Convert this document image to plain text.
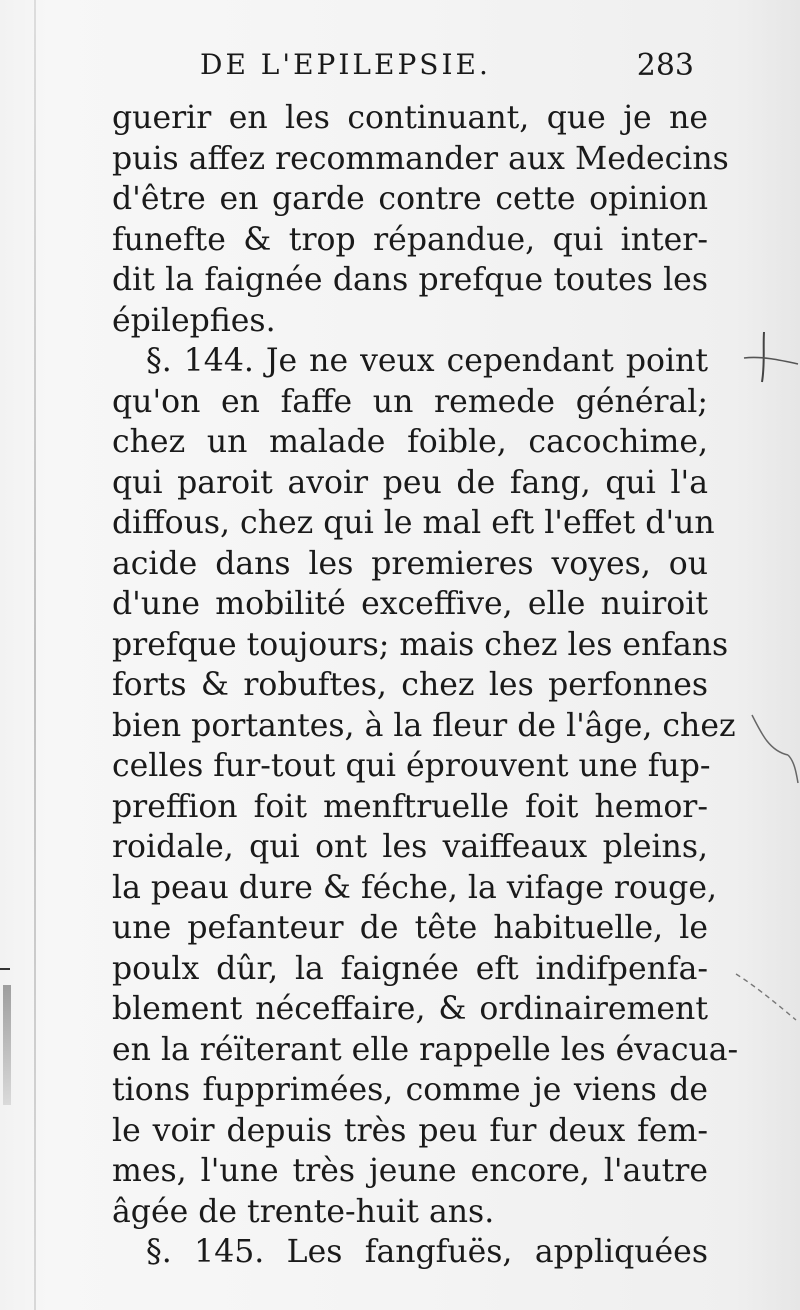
DE L'EPILEPSIE.	283
guerir en les continuant, que je ne
puis affez recommander aux Medecins
d'être en garde contre cette opinion
funefte & trop répandue, qui inter-
dit la faignée dans prefque toutes les
épilepfies.
§. 144. Je ne veux cependant point
qu'on en faffe un remede général;
chez un malade foible, cacochime,
qui paroit avoir peu de fang, qui l'a
diffous, chez qui le mal eft l'effet d'un
acide dans les premieres voyes, ou
d'une mobilité exceffive, elle nuiroit
prefque toujours; mais chez les enfans
forts & robuftes, chez les perfonnes
bien portantes, à la fleur de l'âge, chez
celles fur-tout qui éprouvent une fup-
preffion foit menftruelle foit hemor-
roidale, qui ont les vaiffeaux pleins,
la peau dure & féche, la vifage rouge,
une pefanteur de tête habituelle, le
poulx dûr, la faignée eft indifpenfa-
blement néceffaire, & ordinairement
en la réïterant elle rappelle les évacua-
tions fupprimées, comme je viens de
le voir depuis très peu fur deux fem-
mes, l'une très jeune encore, l'autre
âgée de trente-huit ans.
§. 145. Les fangfuës, appliquées
